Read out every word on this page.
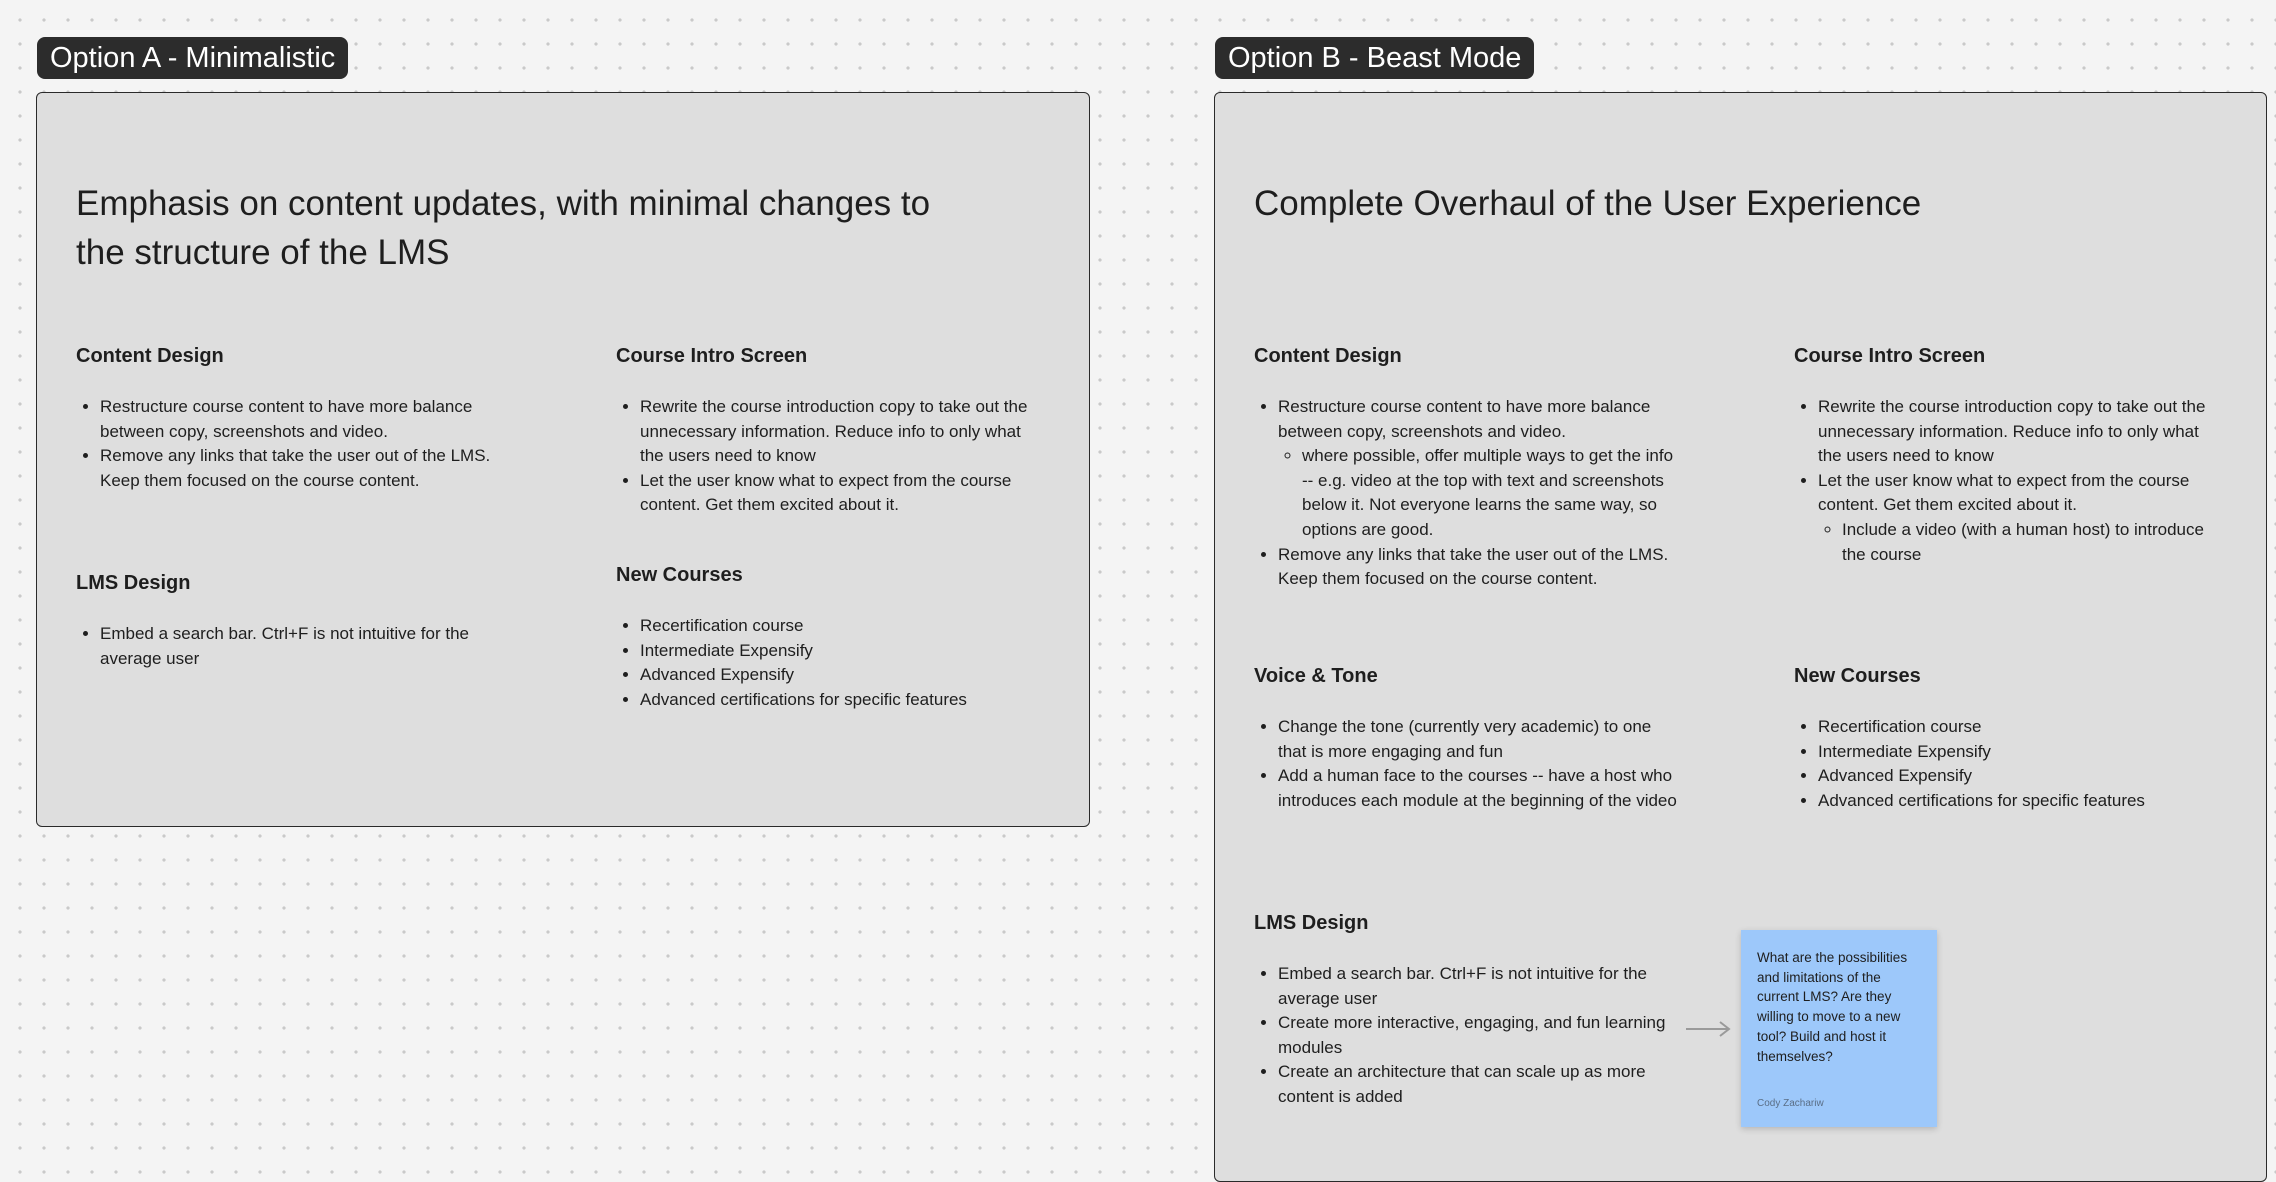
Option A - Minimalistic
Emphasis on content updates, with minimal changes to the structure of the LMS
Content Design
• Restructure course content to have more balance between copy, screenshots and video.
• Remove any links that take the user out of the LMS. Keep them focused on the course content.
LMS Design
• Embed a search bar. Ctrl+F is not intuitive for the average user
Course Intro Screen
• Rewrite the course introduction copy to take out the unnecessary information. Reduce info to only what the users need to know
• Let the user know what to expect from the course content. Get them excited about it.
New Courses
• Recertification course
• Intermediate Expensify
• Advanced Expensify
• Advanced certifications for specific features
Option B - Beast Mode
Complete Overhaul of the User Experience
Content Design
• Restructure course content to have more balance between copy, screenshots and video.
◦ where possible, offer multiple ways to get the info -- e.g. video at the top with text and screenshots below it. Not everyone learns the same way, so options are good.
• Remove any links that take the user out of the LMS. Keep them focused on the course content.
Course Intro Screen
• Rewrite the course introduction copy to take out the unnecessary information. Reduce info to only what the users need to know
• Let the user know what to expect from the course content. Get them excited about it.
◦ Include a video (with a human host) to introduce the course
Voice & Tone
• Change the tone (currently very academic) to one that is more engaging and fun
• Add a human face to the courses -- have a host who introduces each module at the beginning of the video
New Courses
• Recertification course
• Intermediate Expensify
• Advanced Expensify
• Advanced certifications for specific features
LMS Design
• Embed a search bar. Ctrl+F is not intuitive for the average user
• Create more interactive, engaging, and fun learning modules
• Create an architecture that can scale up as more content is added
What are the possibilities and limitations of the current LMS? Are they willing to move to a new tool? Build and host it themselves?
Cody Zachariw
